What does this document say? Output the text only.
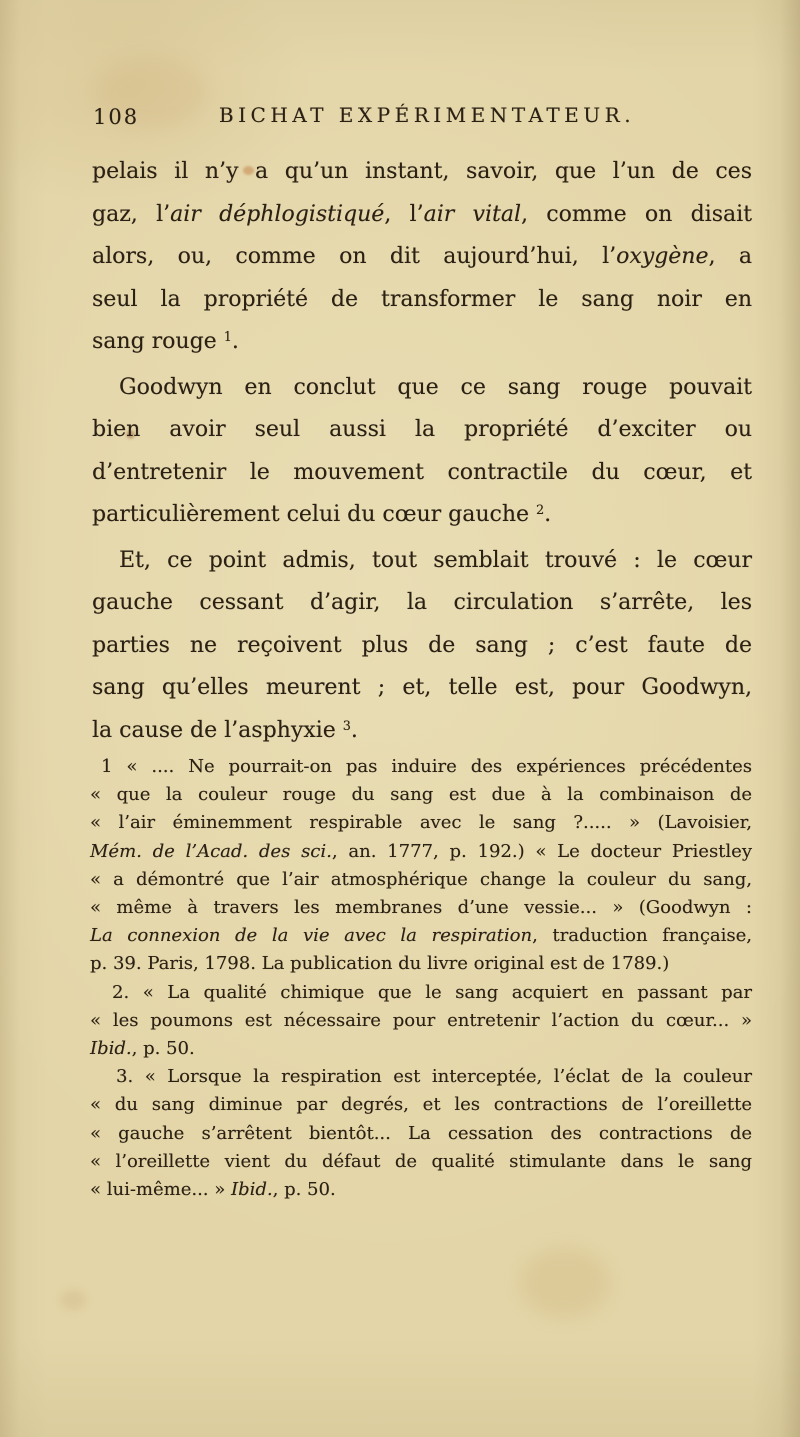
108	BICHAT EXPÉRIMENTATEUR.
pelais il n’y a qu’un instant, savoir, que l’un de ces
gaz, l’air déphlogistiqué, l’air vital, comme on disait
alors, ou, comme on dit aujourd’hui, l’oxygène, a
seul la propriété de transformer le sang noir en
sang rouge $^1$.
Goodwyn en conclut que ce sang rouge pouvait
bien avoir seul aussi la propriété d’exciter ou
d’entretenir le mouvement contractile du cœur, et
particulièrement celui du cœur gauche $^2$.
Et, ce point admis, tout semblait trouvé : le cœur
gauche cessant d’agir, la circulation s’arrête, les
parties ne reçoivent plus de sang ; c’est faute de
sang qu’elles meurent ; et, telle est, pour Goodwyn,
la cause de l’asphyxie $^3$.
1 « .... Ne pourrait-on pas induire des expériences précédentes
« que la couleur rouge du sang est due à la combinaison de
« l’air éminemment respirable avec le sang ?..... » (Lavoisier,
Mém. de l’Acad. des sci., an. 1777, p. 192.) « Le docteur Priestley
« a démontré que l’air atmosphérique change la couleur du sang,
« même à travers les membranes d’une vessie... » (Goodwyn :
La connexion de la vie avec la respiration, traduction française,
p. 39. Paris, 1798. La publication du livre original est de 1789.)
2. « La qualité chimique que le sang acquiert en passant par
« les poumons est nécessaire pour entretenir l’action du cœur... »
Ibid., p. 50.
3. « Lorsque la respiration est interceptée, l’éclat de la couleur
« du sang diminue par degrés, et les contractions de l’oreillette
« gauche s’arrêtent bientôt... La cessation des contractions de
« l’oreillette vient du défaut de qualité stimulante dans le sang
« lui-même... » Ibid., p. 50.
